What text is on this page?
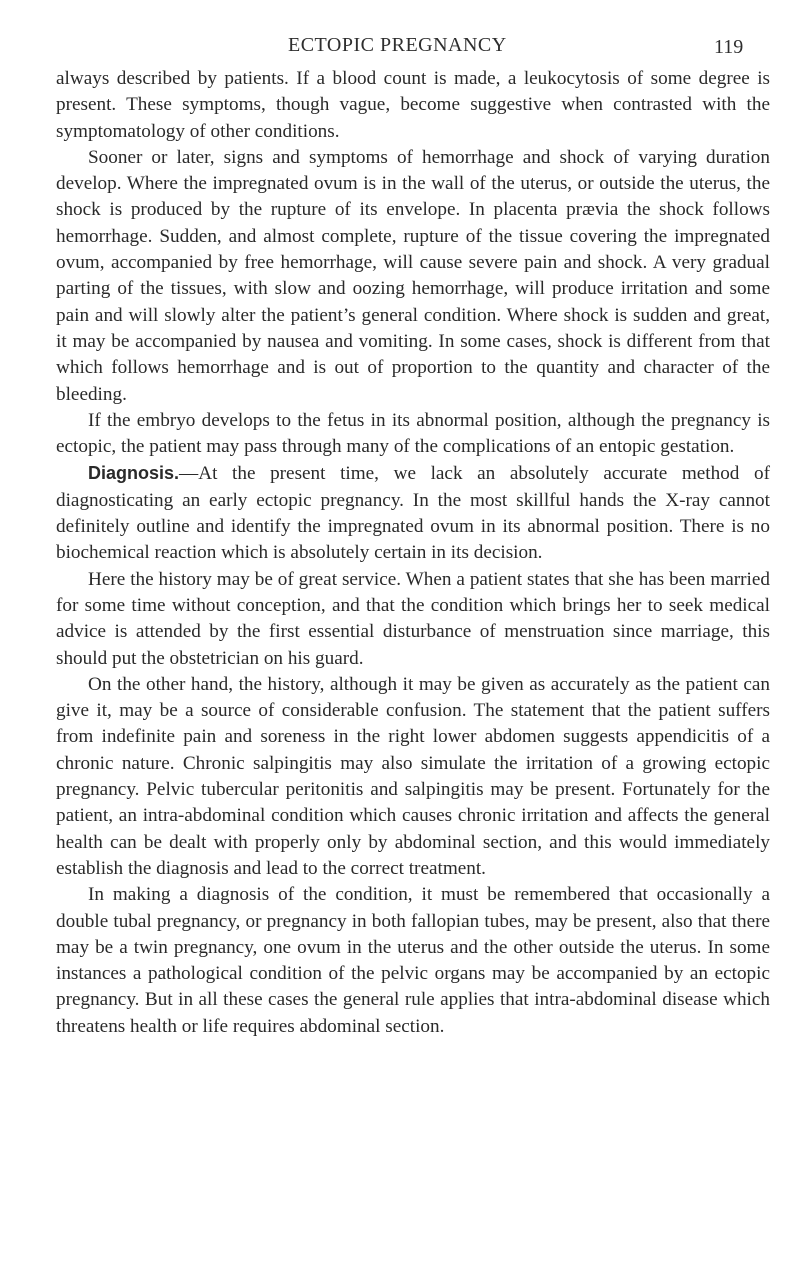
ECTOPIC PREGNANCY	119

always described by patients. If a blood count is made, a leukocytosis of some degree is present. These symptoms, though vague, become suggestive when contrasted with the symptomatology of other conditions.

Sooner or later, signs and symptoms of hemorrhage and shock of varying duration develop. Where the impregnated ovum is in the wall of the uterus, or outside the uterus, the shock is produced by the rupture of its envelope. In placenta prævia the shock follows hemorrhage. Sudden, and almost complete, rupture of the tissue covering the impregnated ovum, accompanied by free hemorrhage, will cause severe pain and shock. A very gradual parting of the tissues, with slow and oozing hemorrhage, will produce irritation and some pain and will slowly alter the patient’s general condition. Where shock is sudden and great, it may be accompanied by nausea and vomiting. In some cases, shock is different from that which follows hemorrhage and is out of proportion to the quantity and character of the bleeding.

If the embryo develops to the fetus in its abnormal position, although the pregnancy is ectopic, the patient may pass through many of the complications of an entopic gestation.

Diagnosis.—At the present time, we lack an absolutely accurate method of diagnosticating an early ectopic pregnancy. In the most skillful hands the X-ray cannot definitely outline and identify the impregnated ovum in its abnormal position. There is no biochemical reaction which is absolutely certain in its decision.

Here the history may be of great service. When a patient states that she has been married for some time without conception, and that the condition which brings her to seek medical advice is attended by the first essential disturbance of menstruation since marriage, this should put the obstetrician on his guard.

On the other hand, the history, although it may be given as accurately as the patient can give it, may be a source of considerable confusion. The statement that the patient suffers from indefinite pain and soreness in the right lower abdomen suggests appendicitis of a chronic nature. Chronic salpingitis may also simulate the irritation of a growing ectopic pregnancy. Pelvic tubercular peritonitis and salpingitis may be present. Fortunately for the patient, an intra-abdominal condition which causes chronic irritation and affects the general health can be dealt with properly only by abdominal section, and this would immediately establish the diagnosis and lead to the correct treatment.

In making a diagnosis of the condition, it must be remembered that occasionally a double tubal pregnancy, or pregnancy in both fallopian tubes, may be present, also that there may be a twin pregnancy, one ovum in the uterus and the other outside the uterus. In some instances a pathological condition of the pelvic organs may be accompanied by an ectopic pregnancy. But in all these cases the general rule applies that intra-abdominal disease which threatens health or life requires abdominal section.
